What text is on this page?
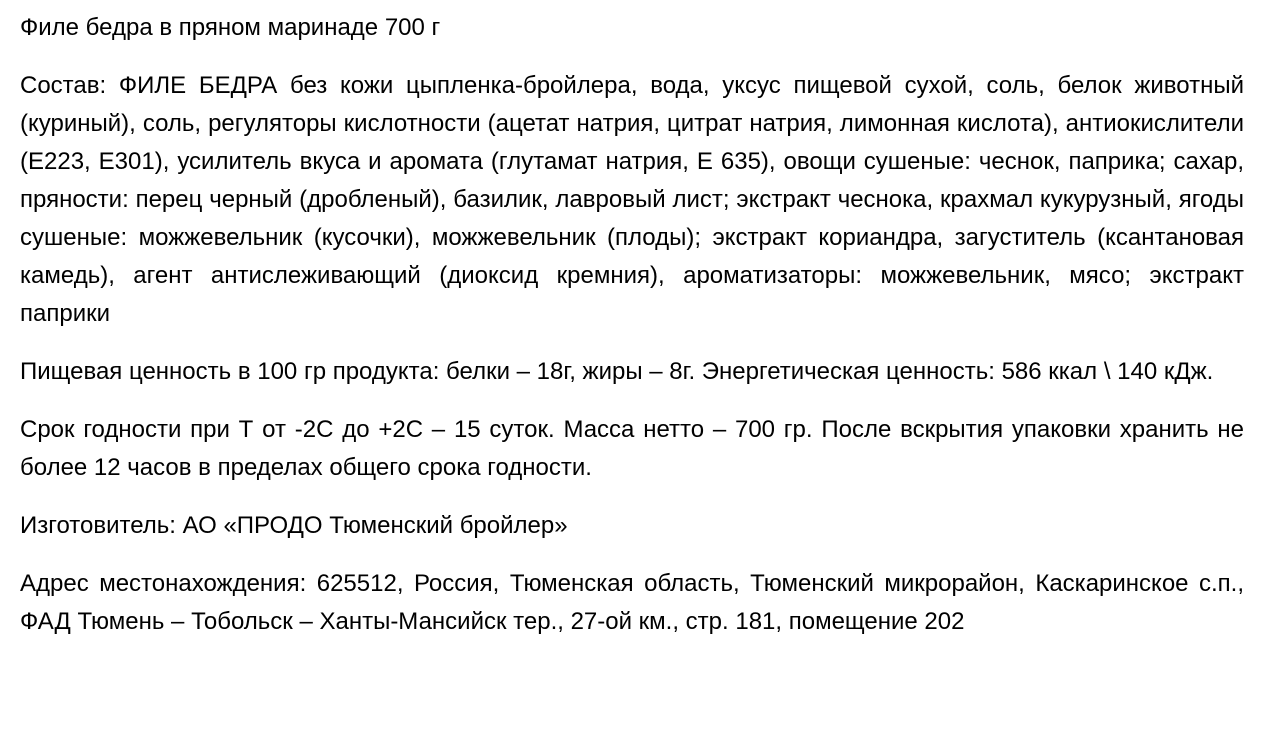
Филе бедра в пряном маринаде 700 г

Состав: ФИЛЕ БЕДРА без кожи цыпленка-бройлера, вода, уксус пищевой сухой, соль, белок животный (куриный), соль, регуляторы кислотности (ацетат натрия, цитрат натрия, лимонная кислота), антиокислители (Е223, Е301), усилитель вкуса и аромата (глутамат натрия, Е 635), овощи сушеные: чеснок, паприка; сахар, пряности: перец черный (дробленый), базилик, лавровый лист; экстракт чеснока, крахмал кукурузный, ягоды сушеные: можжевельник (кусочки), можжевельник (плоды); экстракт кориандра, загуститель (ксантановая камедь), агент антислеживающий (диоксид кремния), ароматизаторы: можжевельник, мясо; экстракт паприки

Пищевая ценность в 100 гр продукта: белки – 18г, жиры – 8г. Энергетическая ценность: 586 ккал \ 140 кДж.

Срок годности при Т от -2С до +2С – 15 суток. Масса нетто – 700 гр. После вскрытия упаковки хранить не более 12 часов в пределах общего срока годности.

Изготовитель: АО «ПРОДО Тюменский бройлер»

Адрес местонахождения: 625512, Россия, Тюменская область, Тюменский микрорайон, Каскаринское с.п., ФАД Тюмень – Тобольск – Ханты-Мансийск тер., 27-ой км., стр. 181, помещение 202
